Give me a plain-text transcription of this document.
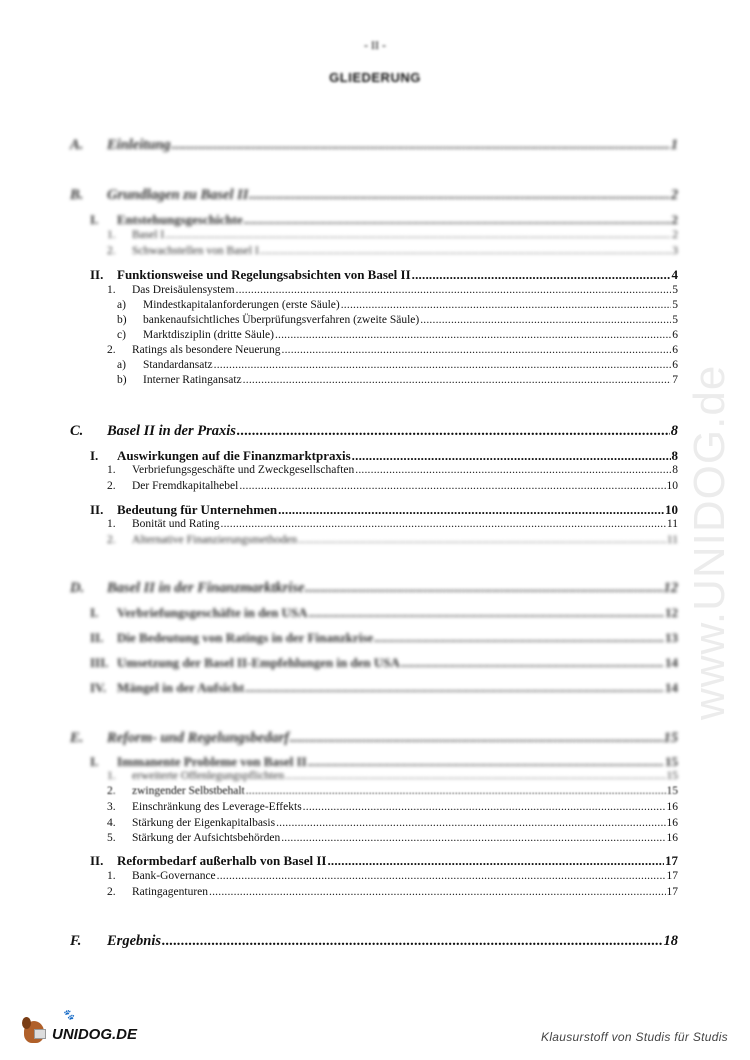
- II -
GLIEDERUNG
A.	Einleitung .....	1
B.	Grundlagen zu Basel II .....	2
I.	Entstehungsgeschichte .....	2
1.	Basel I .....	2
2.	Schwachstellen von Basel I .....	3
II.	Funktionsweise und Regelungsabsichten von Basel II .....	4
1.	Das Dreisäulensystem .....	5
a)	Mindestkapitalanforderungen (erste Säule) .....	5
b)	bankenaufsichtliches Überprüfungsverfahren (zweite Säule) .....	5
c)	Marktdisziplin (dritte Säule) .....	6
2.	Ratings als besondere Neuerung .....	6
a)	Standardansatz .....	6
b)	Interner Ratingansatz .....	7
C.	Basel II in der Praxis .....	8
I.	Auswirkungen auf die Finanzmarktpraxis .....	8
1.	Verbriefungsgeschäfte und Zweckgesellschaften .....	8
2.	Der Fremdkapitalhebel .....	10
II.	Bedeutung für Unternehmen .....	10
1.	Bonität und Rating .....	11
2.	Alternative Finanzierungsmethoden .....	11
D.	Basel II in der Finanzmarktkrise .....	12
I.	Verbriefungsgeschäfte in den USA .....	12
II.	Die Bedeutung von Ratings in der Finanzkrise .....	13
III. Umsetzung der Basel II-Empfehlungen in den USA .....	14
IV. Mängel in der Aufsicht .....	14
E.	Reform- und Regelungsbedarf .....	15
I.	Immanente Probleme von Basel II .....	15
1.	erweiterte Offenlegungspflichten .....	15
2.	zwingender Selbstbehalt .....	15
3.	Einschränkung des Leverage-Effekts .....	16
4.	Stärkung der Eigenkapitalbasis .....	16
5.	Stärkung der Aufsichtsbehörden .....	16
II.	Reformbedarf außerhalb von Basel II .....	17
1.	Bank-Governance .....	17
2.	Ratingagenturen .....	17
F.	Ergebnis .....	18
www.UNIDOG.de
🐾
UNIDOG.DE	Klausurstoff von Studis für Studis
